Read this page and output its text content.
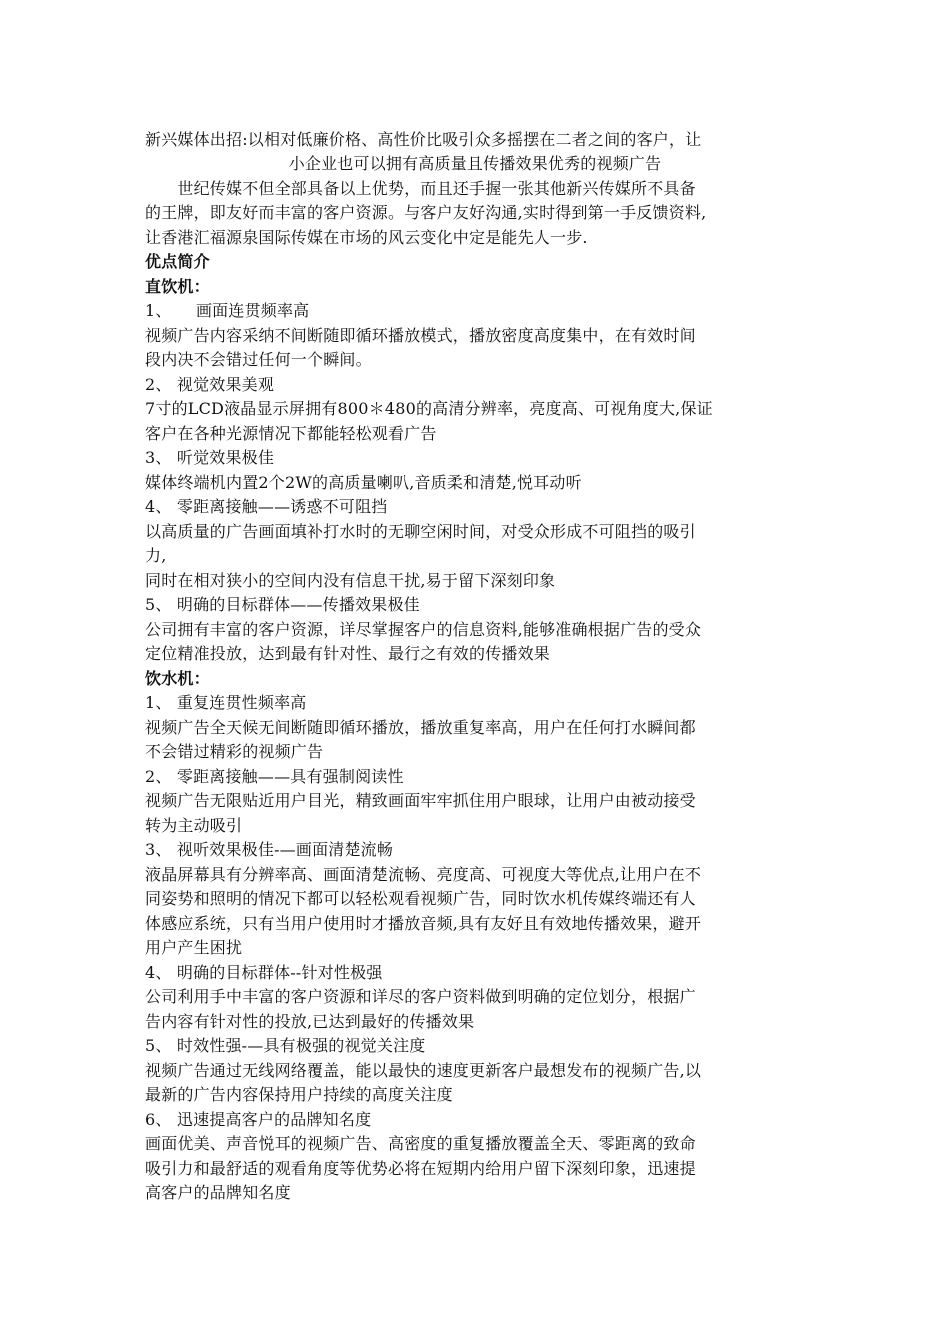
新兴媒体出招:以相对低廉价格、高性价比吸引众多摇摆在二者之间的客户，让
小企业也可以拥有高质量且传播效果优秀的视频广告
　　世纪传媒不但全部具备以上优势，而且还手握一张其他新兴传媒所不具备
的王牌，即友好而丰富的客户资源。与客户友好沟通,实时得到第一手反馈资料,
让香港汇福源泉国际传媒在市场的风云变化中定是能先人一步.
优点简介
直饮机：
1、　　画面连贯频率高
视频广告内容采纳不间断随即循环播放模式，播放密度高度集中，在有效时间
段内决不会错过任何一个瞬间。
2、 视觉效果美观
7寸的LCD液晶显示屏拥有800＊480的高清分辨率，亮度高、可视角度大,保证
客户在各种光源情况下都能轻松观看广告
3、 听觉效果极佳
媒体终端机内置2个2W的高质量喇叭,音质柔和清楚,悦耳动听
4、 零距离接触——诱惑不可阻挡
以高质量的广告画面填补打水时的无聊空闲时间，对受众形成不可阻挡的吸引
力,
同时在相对狭小的空间内没有信息干扰,易于留下深刻印象
5、 明确的目标群体——传播效果极佳
公司拥有丰富的客户资源，详尽掌握客户的信息资料,能够准确根据广告的受众
定位精准投放，达到最有针对性、最行之有效的传播效果
饮水机：
1、 重复连贯性频率高
视频广告全天候无间断随即循环播放，播放重复率高，用户在任何打水瞬间都
不会错过精彩的视频广告
2、 零距离接触——具有强制阅读性
视频广告无限贴近用户目光，精致画面牢牢抓住用户眼球，让用户由被动接受
转为主动吸引
3、 视听效果极佳-—画面清楚流畅
液晶屏幕具有分辨率高、画面清楚流畅、亮度高、可视度大等优点,让用户在不
同姿势和照明的情况下都可以轻松观看视频广告，同时饮水机传媒终端还有人
体感应系统，只有当用户使用时才播放音频,具有友好且有效地传播效果，避开
用户产生困扰
4、 明确的目标群体--针对性极强
公司利用手中丰富的客户资源和详尽的客户资料做到明确的定位划分，根据广
告内容有针对性的投放,已达到最好的传播效果
5、 时效性强-—具有极强的视觉关注度
视频广告通过无线网络覆盖，能以最快的速度更新客户最想发布的视频广告,以
最新的广告内容保持用户持续的高度关注度
6、 迅速提高客户的品牌知名度
画面优美、声音悦耳的视频广告、高密度的重复播放覆盖全天、零距离的致命
吸引力和最舒适的观看角度等优势必将在短期内给用户留下深刻印象，迅速提
高客户的品牌知名度
